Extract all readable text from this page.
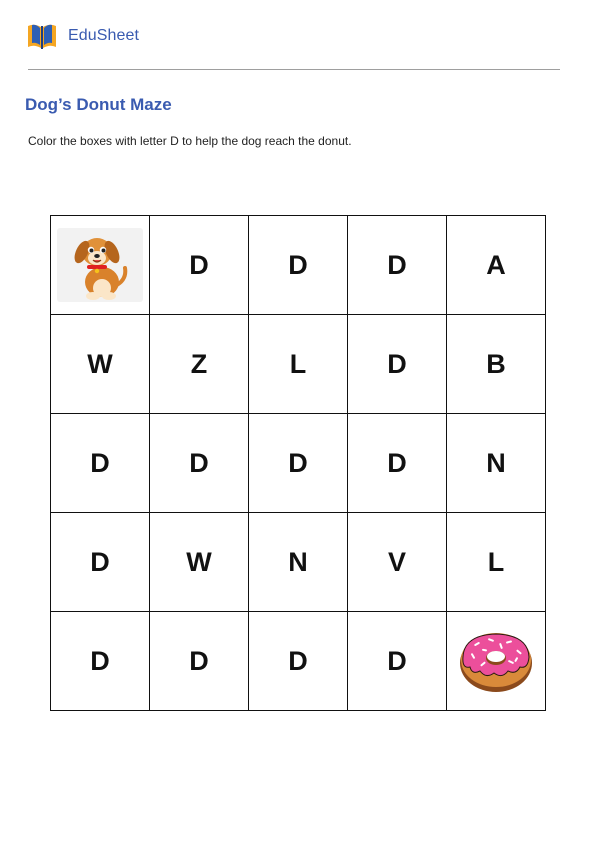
EduSheet
Dog’s Donut Maze

Color the boxes with letter D to help the dog reach the donut.

	D	D	D	A
W	Z	L	D	B
D	D	D	D	N
D	W	N	V	L
D	D	D	D	
